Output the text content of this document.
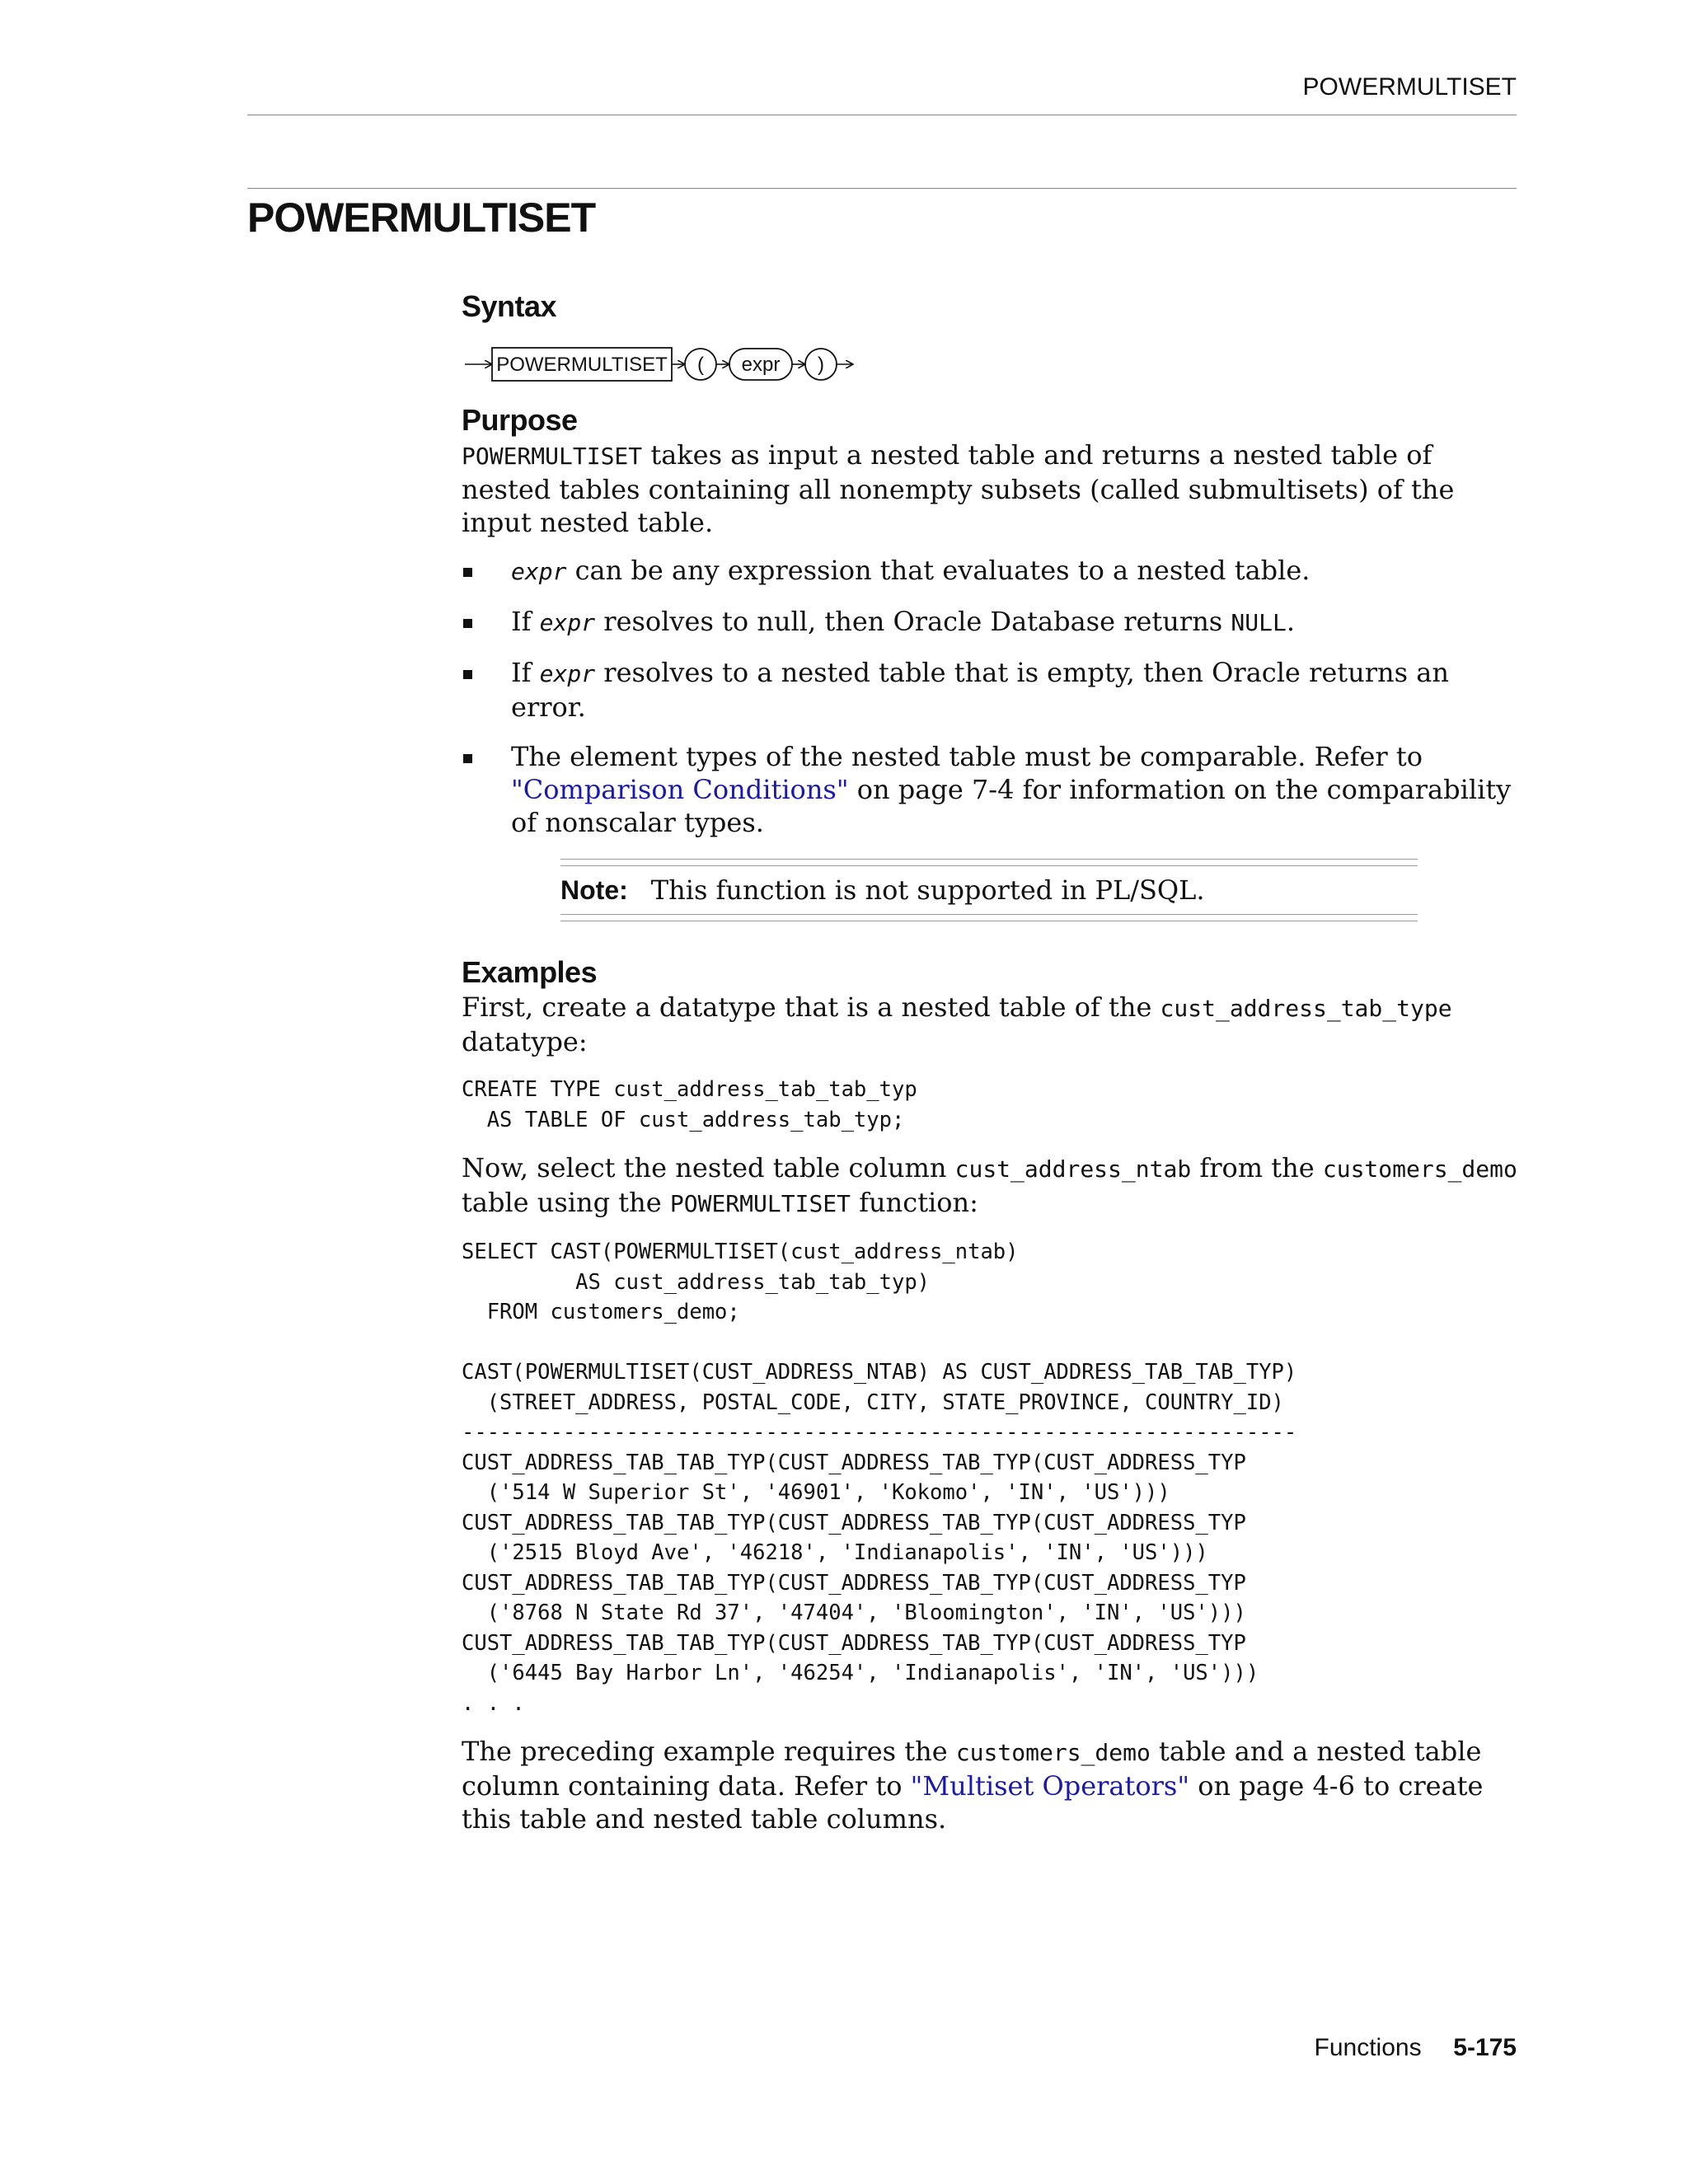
POWERMULTISET
POWERMULTISET
Syntax
POWERMULTISET ( expr )
Purpose

POWERMULTISET takes as input a nested table and returns a nested table of nested tables containing all nonempty subsets (called submultisets) of the input nested table.

expr can be any expression that evaluates to a nested table.
If expr resolves to null, then Oracle Database returns NULL.
If expr resolves to a nested table that is empty, then Oracle returns an error.
The element types of the nested table must be comparable. Refer to "Comparison Conditions" on page 7-4 for information on the comparability of nonscalar types.
Note: This function is not supported in PL/SQL.
Examples

First, create a datatype that is a nested table of the cust_address_tab_type datatype:

CREATE TYPE cust_address_tab_tab_typ
AS TABLE OF cust_address_tab_typ;

Now, select the nested table column cust_address_ntab from the customers_demo table using the POWERMULTISET function:

SELECT CAST(POWERMULTISET(cust_address_ntab)
AS cust_address_tab_tab_typ)
FROM customers_demo;

CAST(POWERMULTISET(CUST_ADDRESS_NTAB) AS CUST_ADDRESS_TAB_TAB_TYP)
(STREET_ADDRESS, POSTAL_CODE, CITY, STATE_PROVINCE, COUNTRY_ID)
------------------------------------------------------------------
CUST_ADDRESS_TAB_TAB_TYP(CUST_ADDRESS_TAB_TYP(CUST_ADDRESS_TYP
('514 W Superior St', '46901', 'Kokomo', 'IN', 'US')))
CUST_ADDRESS_TAB_TAB_TYP(CUST_ADDRESS_TAB_TYP(CUST_ADDRESS_TYP
('2515 Bloyd Ave', '46218', 'Indianapolis', 'IN', 'US')))
CUST_ADDRESS_TAB_TAB_TYP(CUST_ADDRESS_TAB_TYP(CUST_ADDRESS_TYP
('8768 N State Rd 37', '47404', 'Bloomington', 'IN', 'US')))
CUST_ADDRESS_TAB_TAB_TYP(CUST_ADDRESS_TAB_TYP(CUST_ADDRESS_TYP
('6445 Bay Harbor Ln', '46254', 'Indianapolis', 'IN', 'US')))
. . .

The preceding example requires the customers_demo table and a nested table column containing data. Refer to "Multiset Operators" on page 4-6 to create this table and nested table columns.

Functions 5-175
